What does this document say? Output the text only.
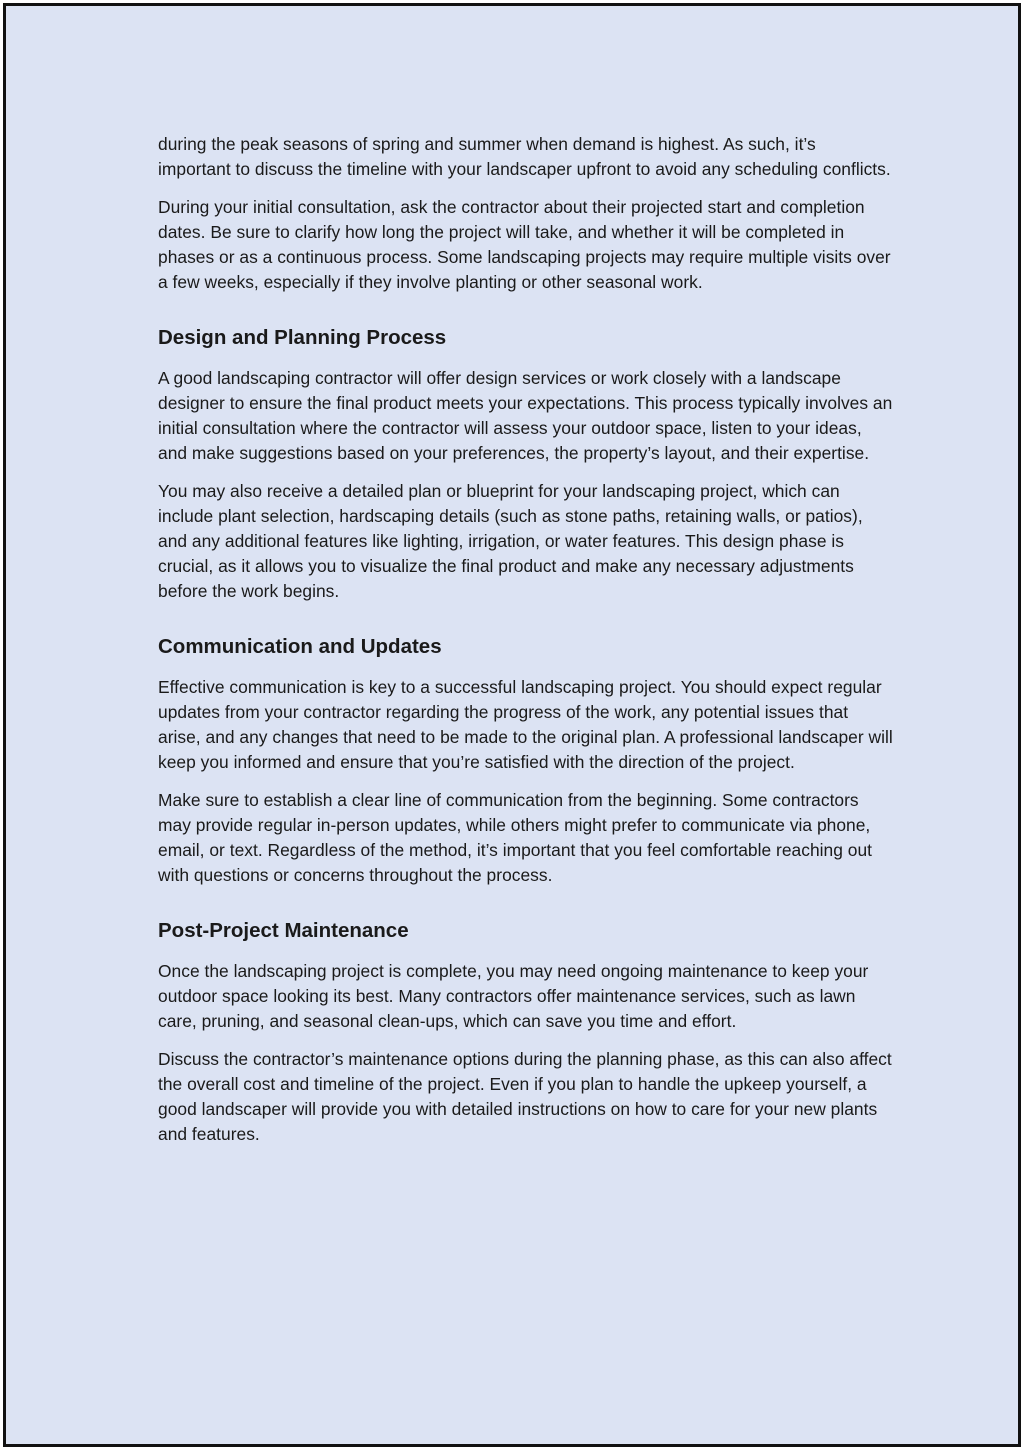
during the peak seasons of spring and summer when demand is highest. As such, it’s important to discuss the timeline with your landscaper upfront to avoid any scheduling conflicts.

During your initial consultation, ask the contractor about their projected start and completion dates. Be sure to clarify how long the project will take, and whether it will be completed in phases or as a continuous process. Some landscaping projects may require multiple visits over a few weeks, especially if they involve planting or other seasonal work.

Design and Planning Process

A good landscaping contractor will offer design services or work closely with a landscape designer to ensure the final product meets your expectations. This process typically involves an initial consultation where the contractor will assess your outdoor space, listen to your ideas, and make suggestions based on your preferences, the property’s layout, and their expertise.

You may also receive a detailed plan or blueprint for your landscaping project, which can include plant selection, hardscaping details (such as stone paths, retaining walls, or patios), and any additional features like lighting, irrigation, or water features. This design phase is crucial, as it allows you to visualize the final product and make any necessary adjustments before the work begins.

Communication and Updates

Effective communication is key to a successful landscaping project. You should expect regular updates from your contractor regarding the progress of the work, any potential issues that arise, and any changes that need to be made to the original plan. A professional landscaper will keep you informed and ensure that you’re satisfied with the direction of the project.

Make sure to establish a clear line of communication from the beginning. Some contractors may provide regular in-person updates, while others might prefer to communicate via phone, email, or text. Regardless of the method, it’s important that you feel comfortable reaching out with questions or concerns throughout the process.

Post-Project Maintenance

Once the landscaping project is complete, you may need ongoing maintenance to keep your outdoor space looking its best. Many contractors offer maintenance services, such as lawn care, pruning, and seasonal clean-ups, which can save you time and effort.

Discuss the contractor’s maintenance options during the planning phase, as this can also affect the overall cost and timeline of the project. Even if you plan to handle the upkeep yourself, a good landscaper will provide you with detailed instructions on how to care for your new plants and features.
